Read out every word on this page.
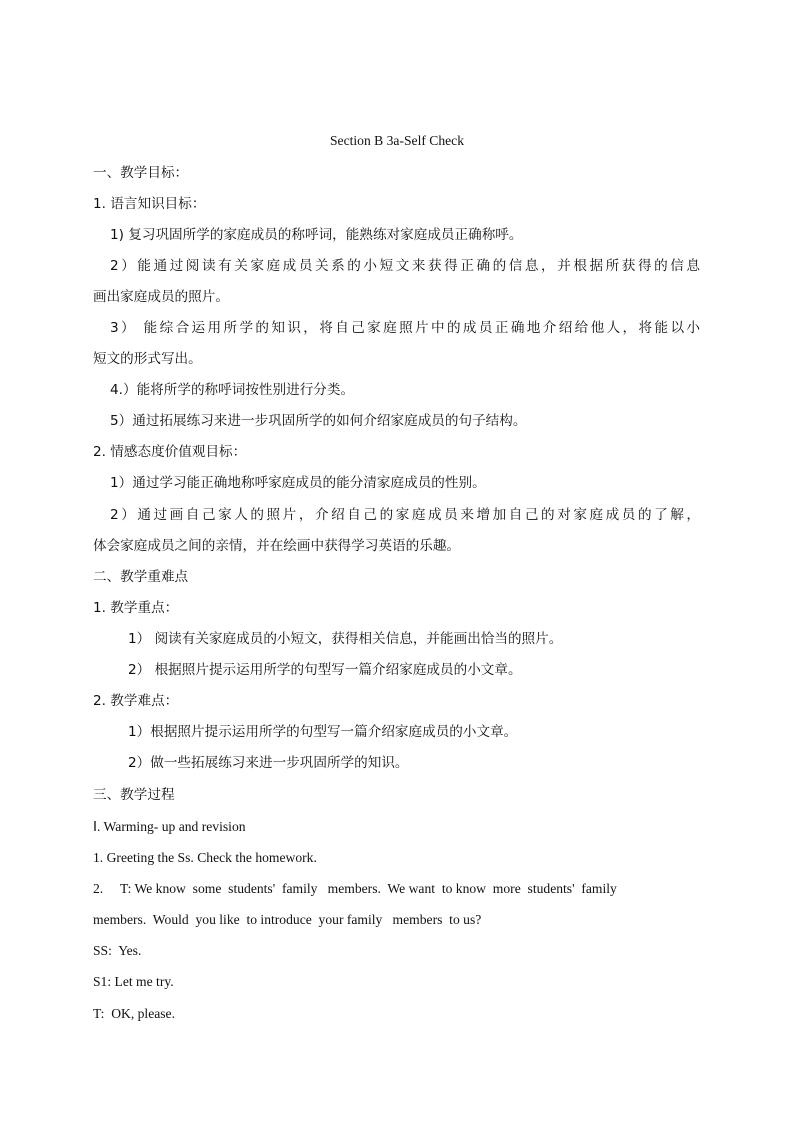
Section B 3a-Self Check
一、教学目标：
1. 语言知识目标：
1) 复习巩固所学的家庭成员的称呼词，能熟练对家庭成员正确称呼。
2）能通过阅读有关家庭成员关系的小短文来获得正确的信息，并根据所获得的信息
画出家庭成员的照片。
3） 能综合运用所学的知识，将自己家庭照片中的成员正确地介绍给他人，将能以小
短文的形式写出。
4.）能将所学的称呼词按性别进行分类。
5）通过拓展练习来进一步巩固所学的如何介绍家庭成员的句子结构。
2. 情感态度价值观目标：
1）通过学习能正确地称呼家庭成员的能分清家庭成员的性别。
2）通过画自己家人的照片，介绍自己的家庭成员来增加自己的对家庭成员的了解，
体会家庭成员之间的亲情，并在绘画中获得学习英语的乐趣。
二、教学重难点
1. 教学重点：
1） 阅读有关家庭成员的小短文，获得相关信息，并能画出恰当的照片。
2） 根据照片提示运用所学的句型写一篇介绍家庭成员的小文章。
2. 教学难点：
1）根据照片提示运用所学的句型写一篇介绍家庭成员的小文章。
2）做一些拓展练习来进一步巩固所学的知识。
三、教学过程
Ⅰ. Warming- up and revision
1. Greeting the Ss. Check the homework.
2.     T: We know  some  students'  family   members.  We want  to know  more  students'  family
members.  Would  you like  to introduce  your family   members  to us?
SS:  Yes.
S1: Let me try.
T:  OK, please.
